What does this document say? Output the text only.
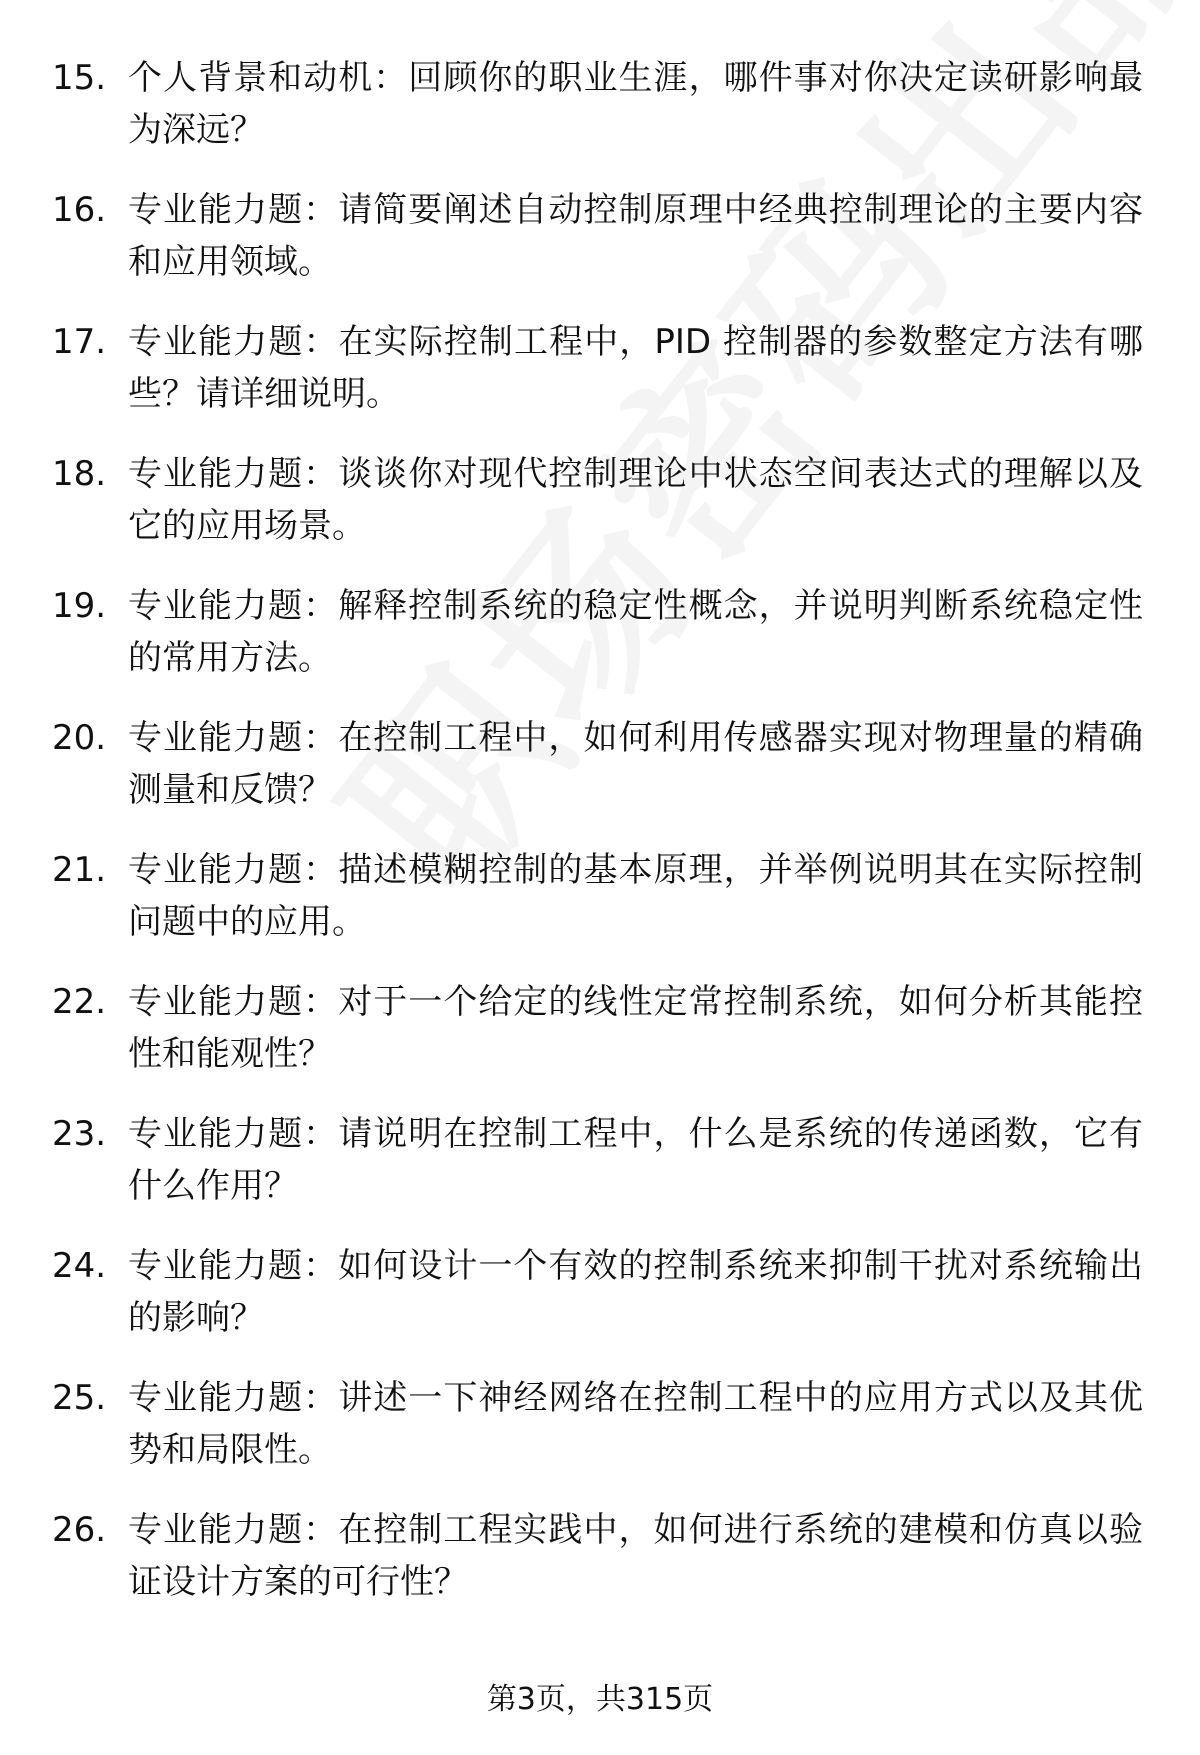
15. 个人背景和动机：回顾你的职业生涯，哪件事对你决定读研影响最为深远？
16. 专业能力题：请简要阐述自动控制原理中经典控制理论的主要内容和应用领域。
17. 专业能力题：在实际控制工程中，PID 控制器的参数整定方法有哪些？请详细说明。
18. 专业能力题：谈谈你对现代控制理论中状态空间表达式的理解以及它的应用场景。
19. 专业能力题：解释控制系统的稳定性概念，并说明判断系统稳定性的常用方法。
20. 专业能力题：在控制工程中，如何利用传感器实现对物理量的精确测量和反馈？
21. 专业能力题：描述模糊控制的基本原理，并举例说明其在实际控制问题中的应用。
22. 专业能力题：对于一个给定的线性定常控制系统，如何分析其能控性和能观性？
23. 专业能力题：请说明在控制工程中，什么是系统的传递函数，它有什么作用？
24. 专业能力题：如何设计一个有效的控制系统来抑制干扰对系统输出的影响？
25. 专业能力题：讲述一下神经网络在控制工程中的应用方式以及其优势和局限性。
26. 专业能力题：在控制工程实践中，如何进行系统的建模和仿真以验证设计方案的可行性？
第3页，共315页
